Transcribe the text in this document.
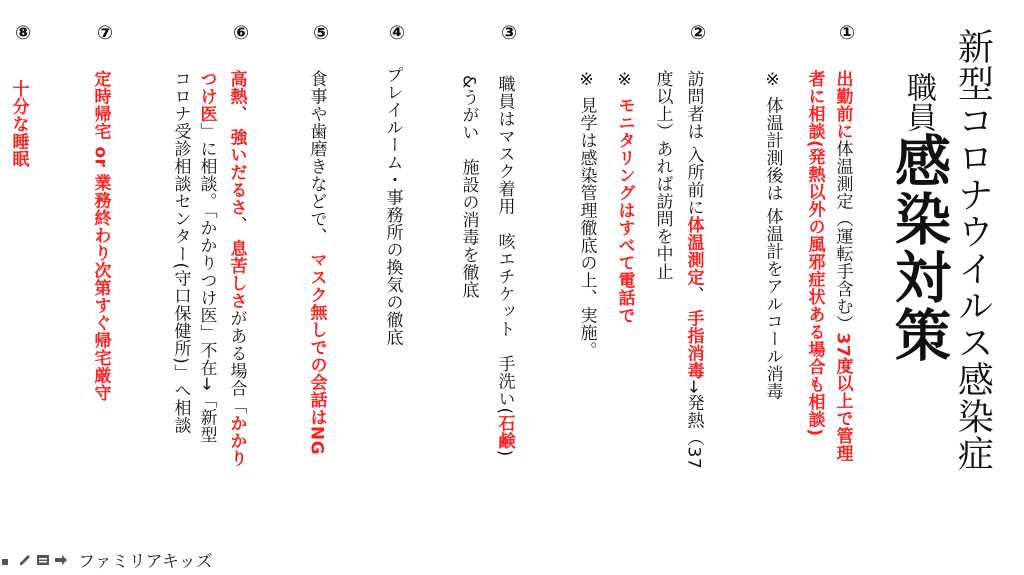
新型コロナウイルス感染症
職員感染対策
①
出勤前に体温測定（運転手含む）37度以上で管理
者に相談(発熱以外の風邪症状ある場合も相談)
※ 体温計測後は 体温計をアルコール消毒
②
訪問者は 入所前に体温測定、 手指消毒→発熱（37
度以上）あれば訪問を中止
※ モニタリングはすべて電話で
※ 見学は感染管理徹底の上、実施。
③
職員はマスク着用　咳エチケット　手洗い(石鹸)
&うがい　施設の消毒を徹底
④
プレイルーム・事務所の換気の徹底
⑤
食事や歯磨きなどで、 マスク無しでの会話はNG
⑥
高熱、 強いだるさ、 息苦しさがある場合「かかり
つけ医」に相談。「かかりつけ医」不在→「新型
コロナ受診相談センター(守口保健所)」へ相談
⑦
定時帰宅 or 業務終わり次第すぐ帰宅厳守
⑧
十分な睡眠
ファミリアキッズ
